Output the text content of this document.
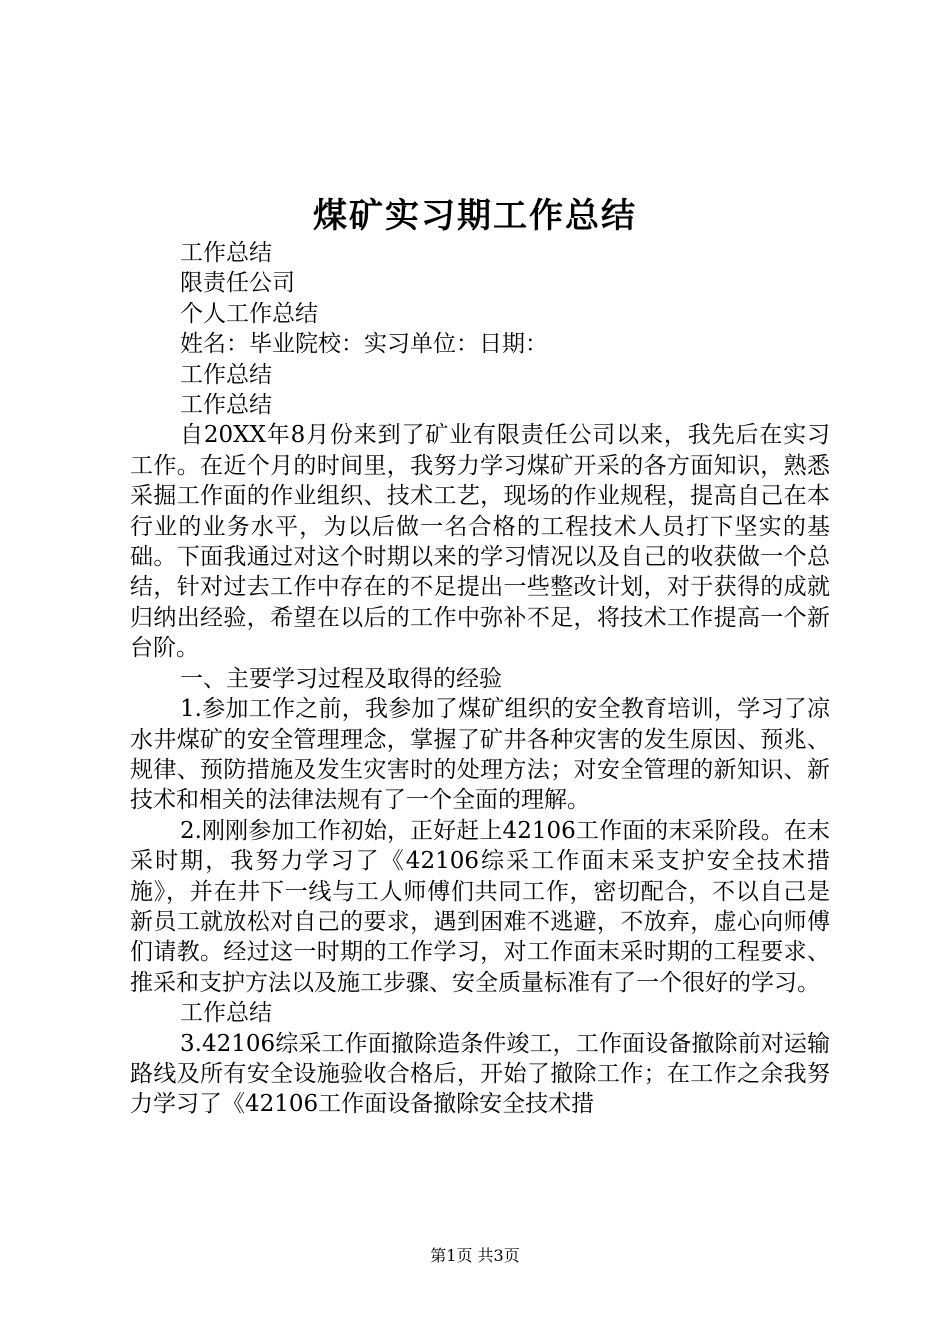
煤矿实习期工作总结
工作总结
限责任公司
个人工作总结
姓名：毕业院校：实习单位：日期：
工作总结
工作总结

自20XX年8月份来到了矿业有限责任公司以来，我先后在实习工作。在近个月的时间里，我努力学习煤矿开采的各方面知识，熟悉采掘工作面的作业组织、技术工艺，现场的作业规程，提高自己在本行业的业务水平，为以后做一名合格的工程技术人员打下坚实的基础。下面我通过对这个时期以来的学习情况以及自己的收获做一个总结，针对过去工作中存在的不足提出一些整改计划，对于获得的成就归纳出经验，希望在以后的工作中弥补不足，将技术工作提高一个新台阶。

一、主要学习过程及取得的经验

1.参加工作之前，我参加了煤矿组织的安全教育培训，学习了凉水井煤矿的安全管理理念，掌握了矿井各种灾害的发生原因、预兆、规律、预防措施及发生灾害时的处理方法；对安全管理的新知识、新技术和相关的法律法规有了一个全面的理解。

2.刚刚参加工作初始，正好赶上42106工作面的末采阶段。在末采时期，我努力学习了《42106综采工作面末采支护安全技术措施》，并在井下一线与工人师傅们共同工作，密切配合，不以自己是新员工就放松对自己的要求，遇到困难不逃避，不放弃，虚心向师傅们请教。经过这一时期的工作学习，对工作面末采时期的工程要求、推采和支护方法以及施工步骤、安全质量标准有了一个很好的学习。

工作总结

3.42106综采工作面撤除造条件竣工，工作面设备撤除前对运输路线及所有安全设施验收合格后，开始了撤除工作；在工作之余我努力学习了《42106工作面设备撤除安全技术措

第1页 共3页
